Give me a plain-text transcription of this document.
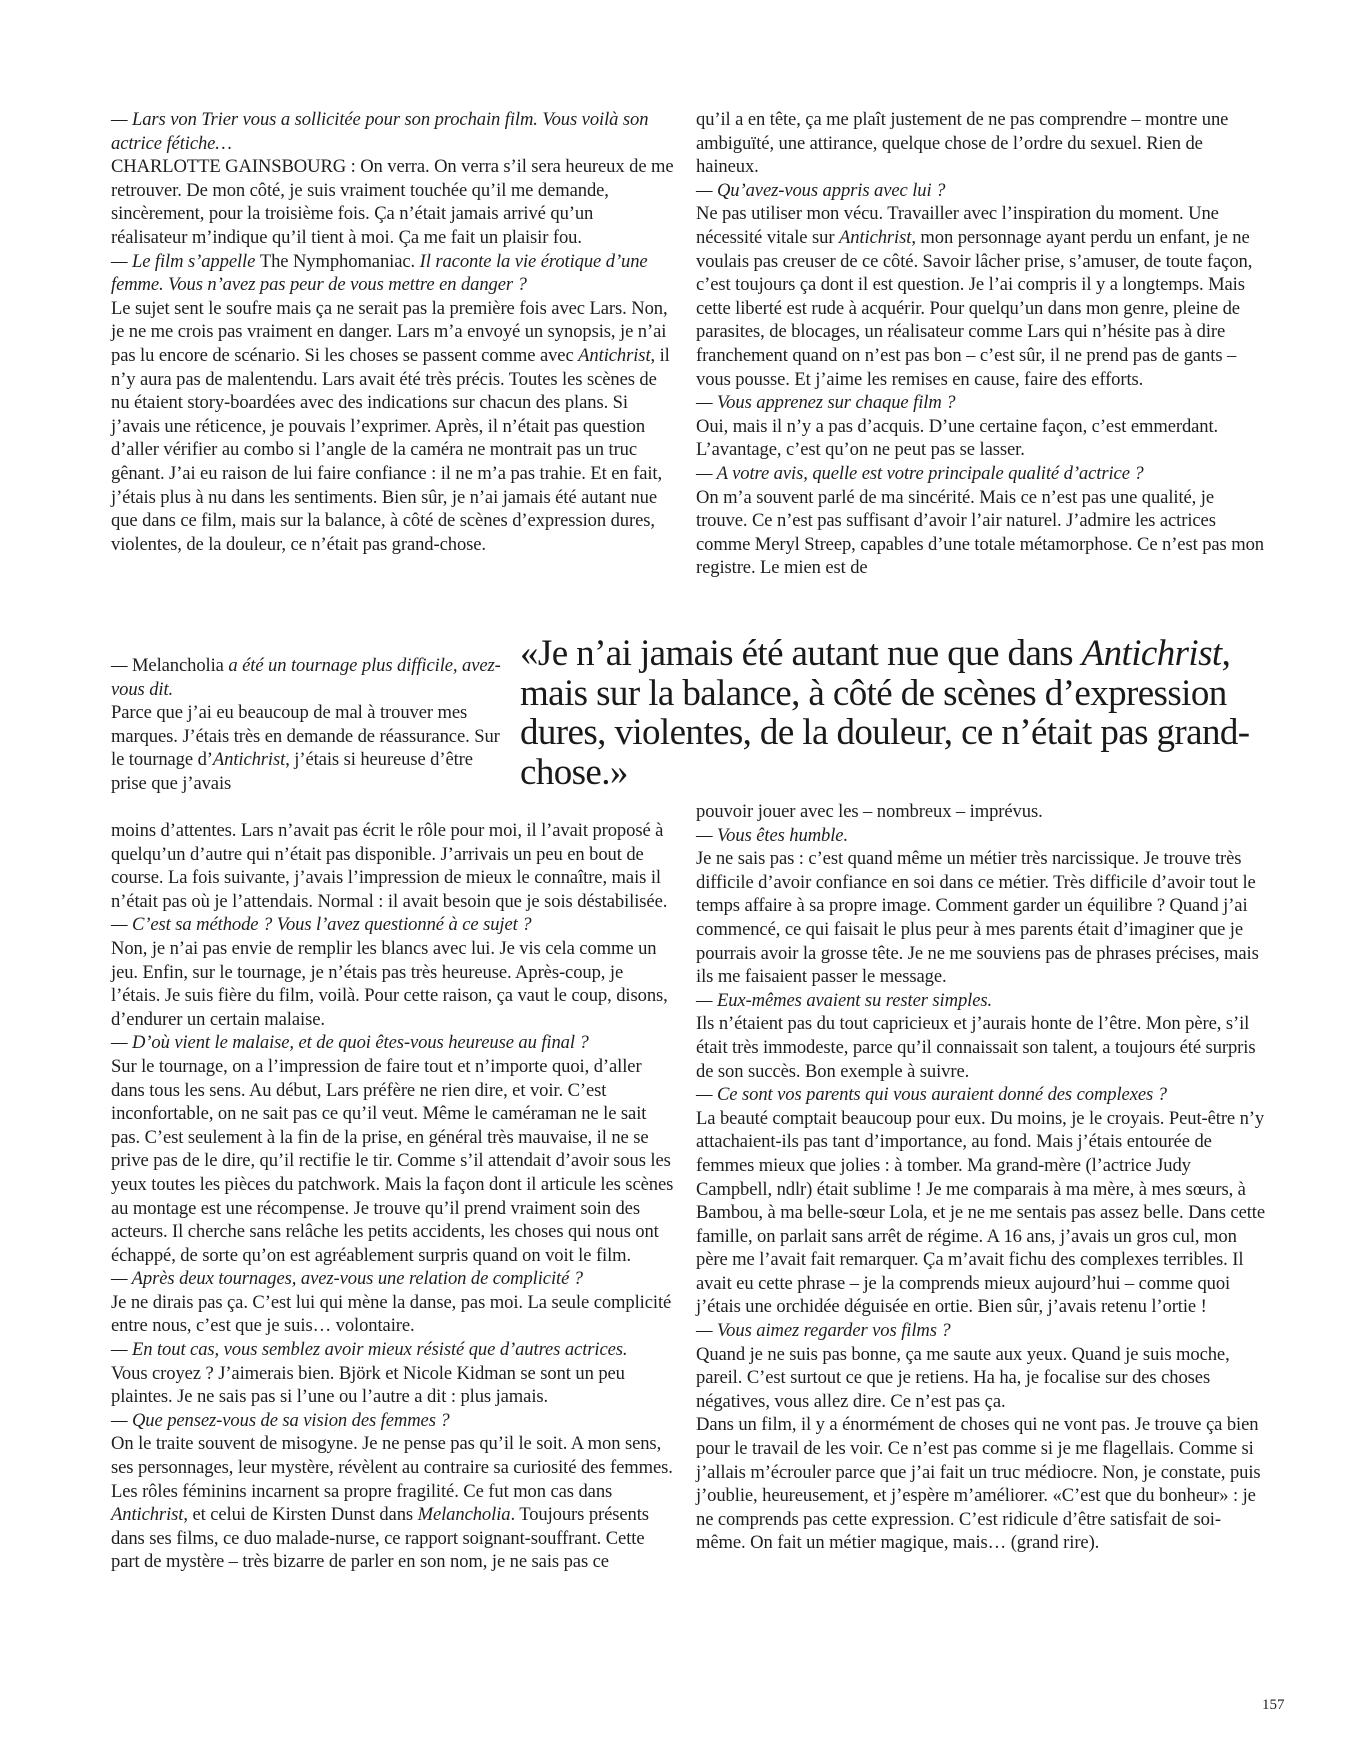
— Lars von Trier vous a sollicitée pour son prochain film. Vous voilà son actrice fétiche…

CHARLOTTE GAINSBOURG : On verra. On verra s’il sera heureux de me retrouver. De mon côté, je suis vraiment touchée qu’il me demande, sincèrement, pour la troisième fois. Ça n’était jamais arrivé qu’un réalisateur m’indique qu’il tient à moi. Ça me fait un plaisir fou.

— Le film s’appelle The Nymphomaniac. Il raconte la vie érotique d’une femme. Vous n’avez pas peur de vous mettre en danger ?

Le sujet sent le soufre mais ça ne serait pas la première fois avec Lars. Non, je ne me crois pas vraiment en danger. Lars m’a envoyé un synopsis, je n’ai pas lu encore de scénario. Si les choses se passent comme avec Antichrist, il n’y aura pas de malentendu. Lars avait été très précis. Toutes les scènes de nu étaient story-boardées avec des indications sur chacun des plans. Si j’avais une réticence, je pouvais l’exprimer. Après, il n’était pas question d’aller vérifier au combo si l’angle de la caméra ne montrait pas un truc gênant. J’ai eu raison de lui faire confiance : il ne m’a pas trahie. Et en fait, j’étais plus à nu dans les sentiments. Bien sûr, je n’ai jamais été autant nue que dans ce film, mais sur la balance, à côté de scènes d’expression dures, violentes, de la douleur, ce n’était pas grand-chose.

— Melancholia a été un tournage plus difficile, avez-vous dit.

Parce que j’ai eu beaucoup de mal à trouver mes marques. J’étais très en demande de réassurance. Sur le tournage d’Antichrist, j’étais si heureuse d’être prise que j’avais

moins d’attentes. Lars n’avait pas écrit le rôle pour moi, il l’avait proposé à quelqu’un d’autre qui n’était pas disponible. J’arrivais un peu en bout de course. La fois suivante, j’avais l’impression de mieux le connaître, mais il n’était pas où je l’attendais. Normal : il avait besoin que je sois déstabilisée.

— C’est sa méthode ? Vous l’avez questionné à ce sujet ?

Non, je n’ai pas envie de remplir les blancs avec lui. Je vis cela comme un jeu. Enfin, sur le tournage, je n’étais pas très heureuse. Après-coup, je l’étais. Je suis fière du film, voilà. Pour cette raison, ça vaut le coup, disons, d’endurer un certain malaise.

— D’où vient le malaise, et de quoi êtes-vous heureuse au final ?

Sur le tournage, on a l’impression de faire tout et n’importe quoi, d’aller dans tous les sens. Au début, Lars préfère ne rien dire, et voir. C’est inconfortable, on ne sait pas ce qu’il veut. Même le caméraman ne le sait pas. C’est seulement à la fin de la prise, en général très mauvaise, il ne se prive pas de le dire, qu’il rectifie le tir. Comme s’il attendait d’avoir sous les yeux toutes les pièces du patchwork. Mais la façon dont il articule les scènes au montage est une récompense. Je trouve qu’il prend vraiment soin des acteurs. Il cherche sans relâche les petits accidents, les choses qui nous ont échappé, de sorte qu’on est agréablement surpris quand on voit le film.

— Après deux tournages, avez-vous une relation de complicité ?

Je ne dirais pas ça. C’est lui qui mène la danse, pas moi. La seule complicité entre nous, c’est que je suis… volontaire.

— En tout cas, vous semblez avoir mieux résisté que d’autres actrices.

Vous croyez ? J’aimerais bien. Björk et Nicole Kidman se sont un peu plaintes. Je ne sais pas si l’une ou l’autre a dit : plus jamais.

— Que pensez-vous de sa vision des femmes ?

On le traite souvent de misogyne. Je ne pense pas qu’il le soit. A mon sens, ses personnages, leur mystère, révèlent au contraire sa curiosité des femmes. Les rôles féminins incarnent sa propre fragilité. Ce fut mon cas dans Antichrist, et celui de Kirsten Dunst dans Melancholia. Toujours présents dans ses films, ce duo malade-nurse, ce rapport soignant-souffrant. Cette part de mystère – très bizarre de parler en son nom, je ne sais pas ce

qu’il a en tête, ça me plaît justement de ne pas comprendre – montre une ambiguïté, une attirance, quelque chose de l’ordre du sexuel. Rien de haineux.

— Qu’avez-vous appris avec lui ?

Ne pas utiliser mon vécu. Travailler avec l’inspiration du moment. Une nécessité vitale sur Antichrist, mon personnage ayant perdu un enfant, je ne voulais pas creuser de ce côté. Savoir lâcher prise, s’amuser, de toute façon, c’est toujours ça dont il est question. Je l’ai compris il y a longtemps. Mais cette liberté est rude à acquérir. Pour quelqu’un dans mon genre, pleine de parasites, de blocages, un réalisateur comme Lars qui n’hésite pas à dire franchement quand on n’est pas bon – c’est sûr, il ne prend pas de gants – vous pousse. Et j’aime les remises en cause, faire des efforts.

— Vous apprenez sur chaque film ?

Oui, mais il n’y a pas d’acquis. D’une certaine façon, c’est emmerdant. L’avantage, c’est qu’on ne peut pas se lasser.

— A votre avis, quelle est votre principale qualité d’actrice ?

On m’a souvent parlé de ma sincérité. Mais ce n’est pas une qualité, je trouve. Ce n’est pas suffisant d’avoir l’air naturel. J’admire les actrices comme Meryl Streep, capables d’une totale métamorphose. Ce n’est pas mon registre. Le mien est de

«Je n’ai jamais été autant nue que dans Antichrist, mais sur la balance, à côté de scènes d’expression dures, violentes, de la douleur, ce n’était pas grand-chose.»

pouvoir jouer avec les – nombreux – imprévus.

— Vous êtes humble.

Je ne sais pas : c’est quand même un métier très narcissique. Je trouve très difficile d’avoir confiance en soi dans ce métier. Très difficile d’avoir tout le temps affaire à sa propre image. Comment garder un équilibre ? Quand j’ai commencé, ce qui faisait le plus peur à mes parents était d’imaginer que je pourrais avoir la grosse tête. Je ne me souviens pas de phrases précises, mais ils me faisaient passer le message.

— Eux-mêmes avaient su rester simples.

Ils n’étaient pas du tout capricieux et j’aurais honte de l’être. Mon père, s’il était très immodeste, parce qu’il connaissait son talent, a toujours été surpris de son succès. Bon exemple à suivre.

— Ce sont vos parents qui vous auraient donné des complexes ?

La beauté comptait beaucoup pour eux. Du moins, je le croyais. Peut-être n’y attachaient-ils pas tant d’importance, au fond. Mais j’étais entourée de femmes mieux que jolies : à tomber. Ma grand-mère (l’actrice Judy Campbell, ndlr) était sublime ! Je me comparais à ma mère, à mes sœurs, à Bambou, à ma belle-sœur Lola, et je ne me sentais pas assez belle. Dans cette famille, on parlait sans arrêt de régime. A 16 ans, j’avais un gros cul, mon père me l’avait fait remarquer. Ça m’avait fichu des complexes terribles. Il avait eu cette phrase – je la comprends mieux aujourd’hui – comme quoi j’étais une orchidée déguisée en ortie. Bien sûr, j’avais retenu l’ortie !

— Vous aimez regarder vos films ?

Quand je ne suis pas bonne, ça me saute aux yeux. Quand je suis moche, pareil. C’est surtout ce que je retiens. Ha ha, je focalise sur des choses négatives, vous allez dire. Ce n’est pas ça.

Dans un film, il y a énormément de choses qui ne vont pas. Je trouve ça bien pour le travail de les voir. Ce n’est pas comme si je me flagellais. Comme si j’allais m’écrouler parce que j’ai fait un truc médiocre. Non, je constate, puis j’oublie, heureusement, et j’espère m’améliorer. «C’est que du bonheur» : je ne comprends pas cette expression. C’est ridicule d’être satisfait de soi-même. On fait un métier magique, mais… (grand rire).

157
